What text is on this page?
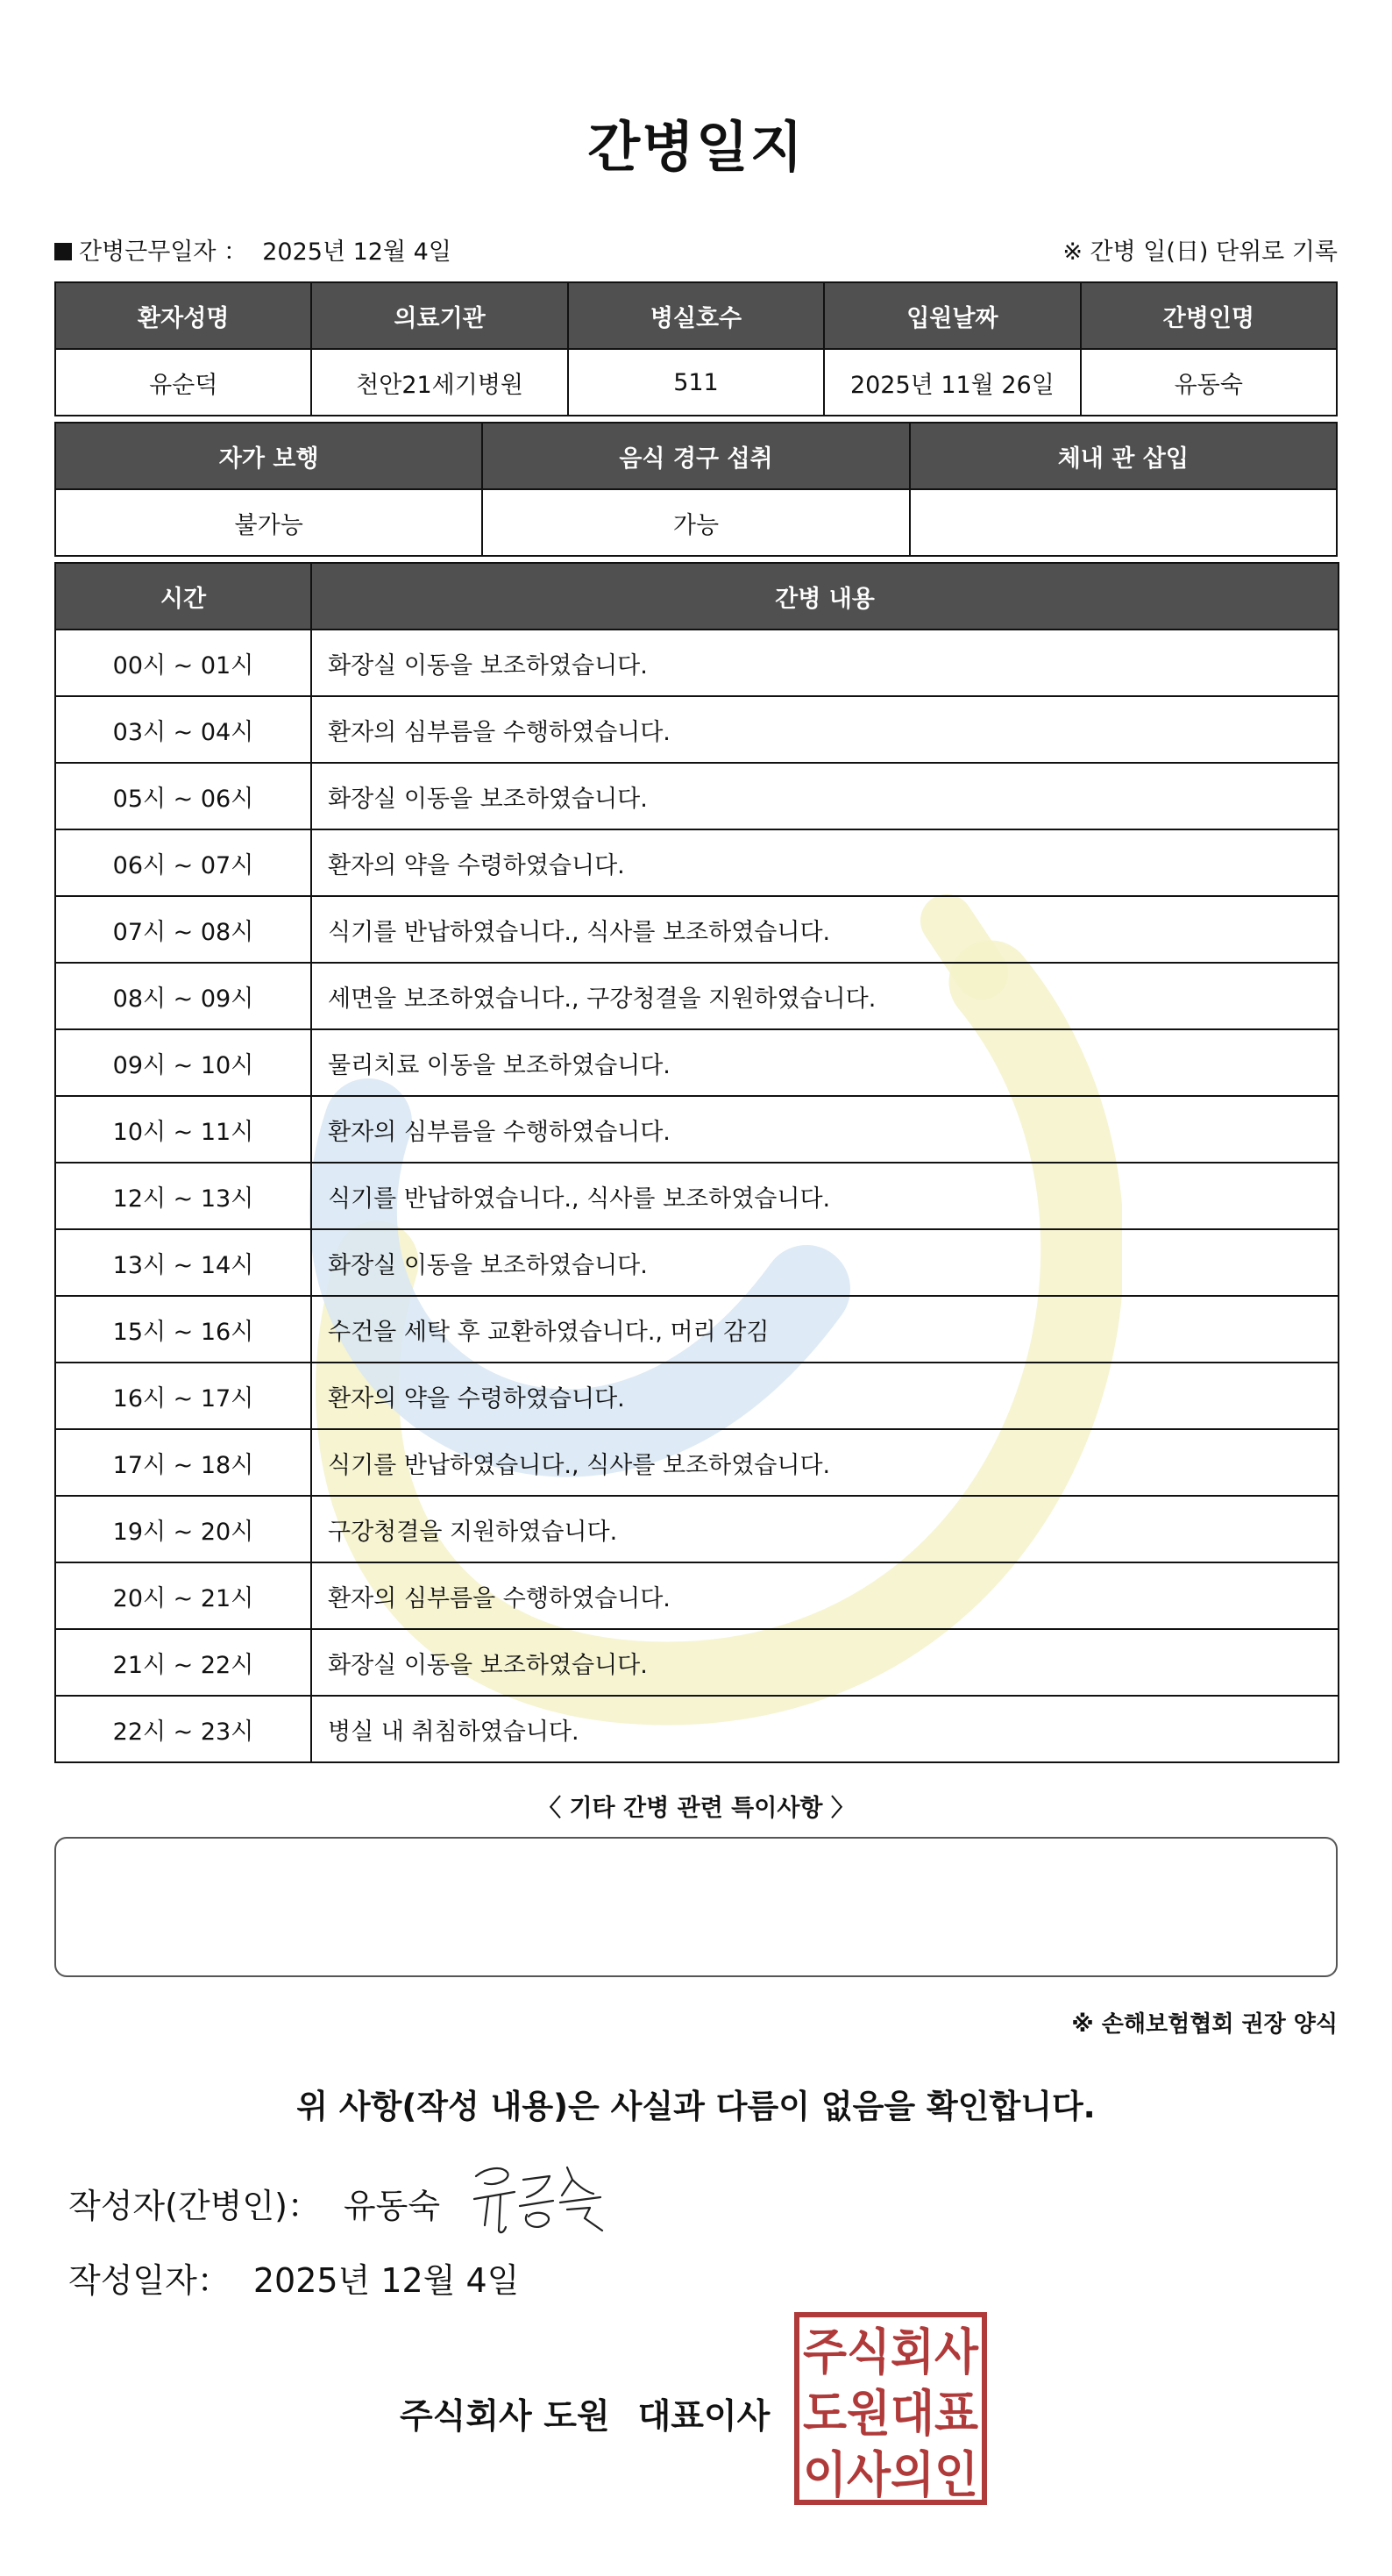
간병일지
간병근무일자 ： 2025년 12월 4일	※ 간병 일(日) 단위로 기록
환자성명	의료기관	병실호수	입원날짜	간병인명
유순덕	천안21세기병원	511	2025년 11월 26일	유동숙
자가 보행	음식 경구 섭취	체내 관 삽입
불가능	가능	
시간	간병 내용
00시 ~ 01시	화장실 이동을 보조하였습니다.
03시 ~ 04시	환자의 심부름을 수행하였습니다.
05시 ~ 06시	화장실 이동을 보조하였습니다.
06시 ~ 07시	환자의 약을 수령하였습니다.
07시 ~ 08시	식기를 반납하였습니다., 식사를 보조하였습니다.
08시 ~ 09시	세면을 보조하였습니다., 구강청결을 지원하였습니다.
09시 ~ 10시	물리치료 이동을 보조하였습니다.
10시 ~ 11시	환자의 심부름을 수행하였습니다.
12시 ~ 13시	식기를 반납하였습니다., 식사를 보조하였습니다.
13시 ~ 14시	화장실 이동을 보조하였습니다.
15시 ~ 16시	수건을 세탁 후 교환하였습니다., 머리 감김
16시 ~ 17시	환자의 약을 수령하였습니다.
17시 ~ 18시	식기를 반납하였습니다., 식사를 보조하였습니다.
19시 ~ 20시	구강청결을 지원하였습니다.
20시 ~ 21시	환자의 심부름을 수행하였습니다.
21시 ~ 22시	화장실 이동을 보조하였습니다.
22시 ~ 23시	병실 내 취침하였습니다.
〈 기타 간병 관련 특이사항 〉
※ 손해보험협회 권장 양식
위 사항(작성 내용)은 사실과 다름이 없음을 확인합니다.
작성자(간병인)： 유동숙
작성일자： 2025년 12월 4일
주식회사 도원 대표이사
주식회사
도원대표
이사의인
